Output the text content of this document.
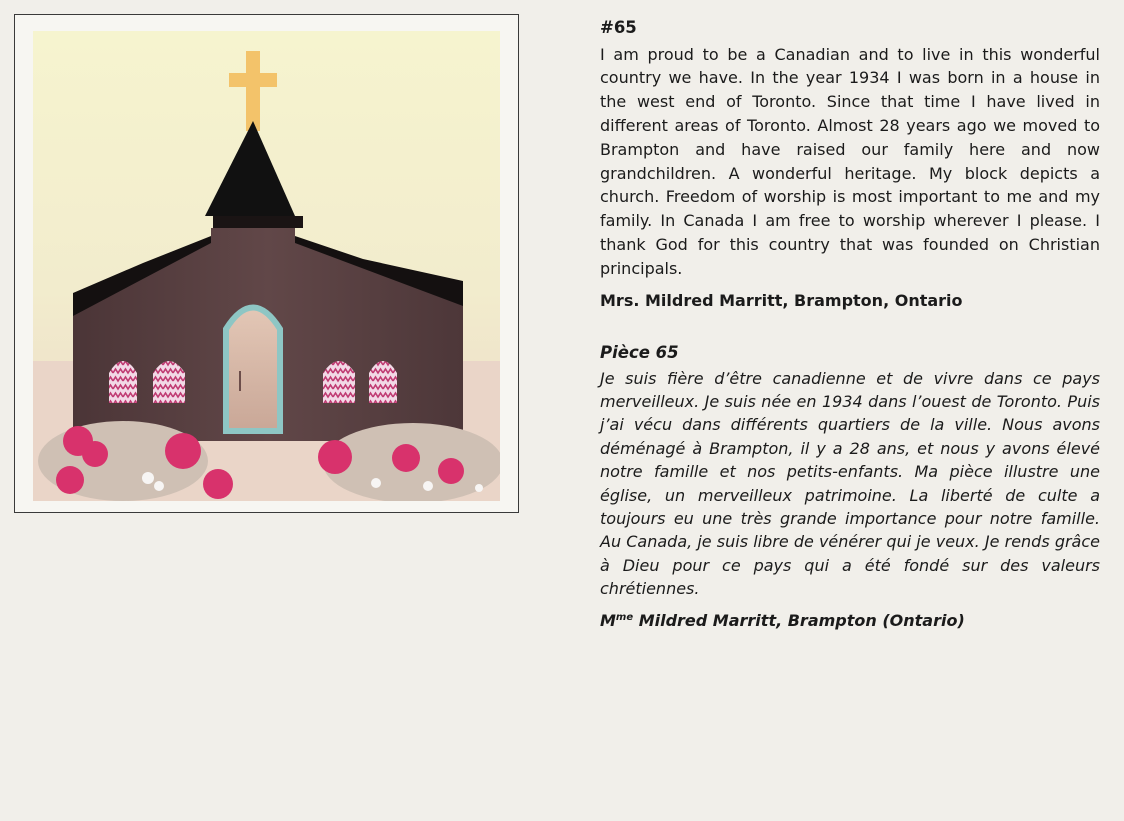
#65

I am proud to be a Canadian and to live in this wonderful country we have. In the year 1934 I was born in a house in the west end of Toronto. Since that time I have lived in different areas of Toronto. Almost 28 years ago we moved to Brampton and have raised our family here and now grandchildren. A wonderful heritage. My block depicts a church. Freedom of worship is most important to me and my family. In Canada I am free to worship wherever I please. I thank God for this country that was founded on Christian principals.

Mrs. Mildred Marritt, Brampton, Ontario
Pièce 65

Je suis fière d’être canadienne et de vivre dans ce pays merveilleux. Je suis née en 1934 dans l’ouest de Toronto. Puis j’ai vécu dans différents quartiers de la ville. Nous avons déménagé à Brampton, il y a 28 ans, et nous y avons élevé notre famille et nos petits-enfants. Ma pièce illustre une église, un merveilleux patrimoine. La liberté de culte a toujours eu une très grande importance pour notre famille. Au Canada, je suis libre de vénérer qui je veux. Je rends grâce à Dieu pour ce pays qui a été fondé sur des valeurs chrétiennes.

$M^{me}$ Mildred Marritt, Brampton (Ontario)
